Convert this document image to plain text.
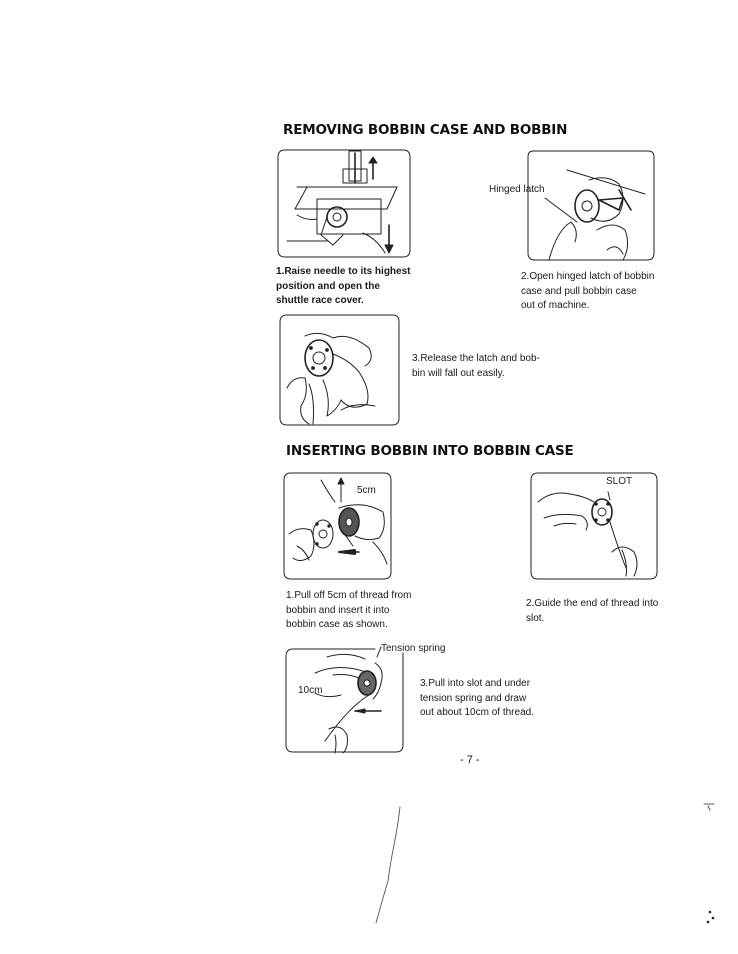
REMOVING BOBBIN CASE AND BOBBIN
Hinged latch
1.Raise needle to its highest
position and open the
shuttle race cover.
2.Open hinged latch of bobbin
case and pull bobbin case
out of machine.
3.Release the latch and bob-
bin will fall out easily.
INSERTING BOBBIN INTO BOBBIN CASE
5cm
SLOT
1.Pull off 5cm of thread from
bobbin and insert it into
bobbin case as shown.
2.Guide the end of thread into
slot.
Tension spring
10cm
3.Pull into slot and under
tension spring and draw
out about 10cm of thread.
- 7 -
